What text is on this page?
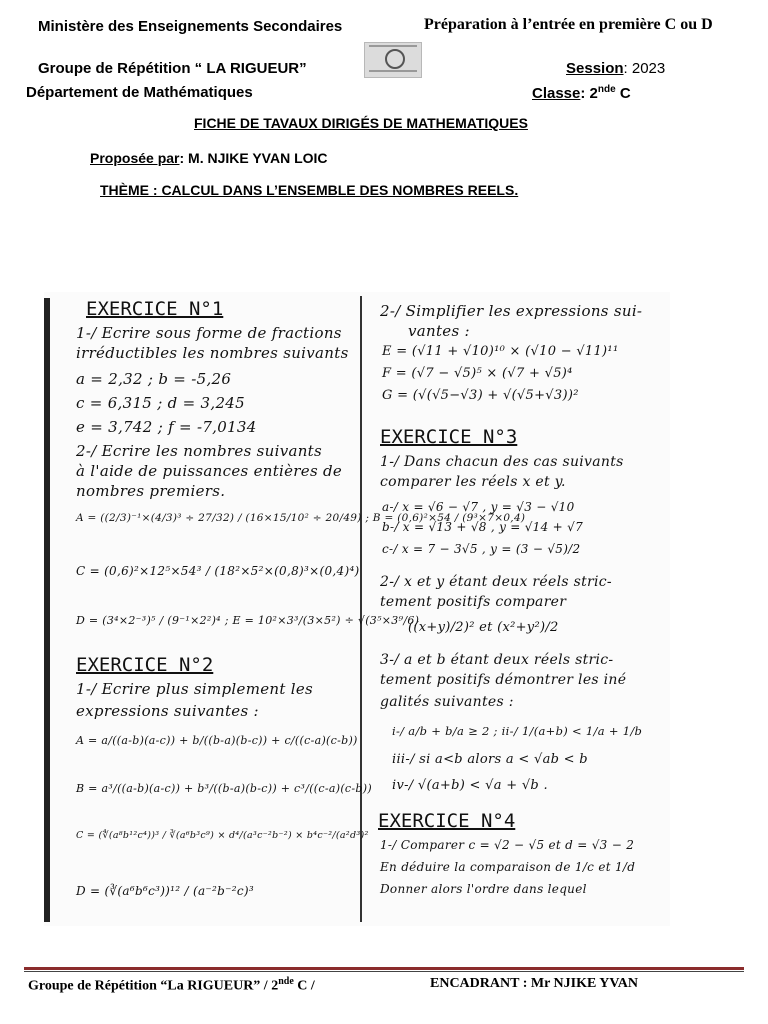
Ministère des Enseignements Secondaires	Préparation à l’entrée en première C ou D
Groupe de Répétition “ LA RIGUEUR”	Session: 2023
Département de Mathématiques	Classe: 2nde C
FICHE DE TAVAUX DIRIGÉS DE MATHEMATIQUES
Proposée par: M. NJIKE YVAN LOIC
THÈME : CALCUL DANS L’ENSEMBLE DES NOMBRES REELS.
EXERCICE N°1
1-/ Ecrire sous forme de fractions
irréductibles les nombres suivants
a = 2,32 ; b = -5,26
c = 6,315 ; d = 3,245
e = 3,742 ; f = -7,0134
2-/ Ecrire les nombres suivants
à l'aide de puissances entières de
nombres premiers.
A = ((2/3)⁻¹×(4/3)³ ÷ 27/32) / (16×15/10² ÷ 20/49) ; B = (0,6)²×54 / (9³×7×0,4)
C = (0,6)²×12⁵×54³ / (18²×5²×(0,8)³×(0,4)⁴)
D = (3⁴×2⁻³)⁵ / (9⁻¹×2²)⁴ ; E = 10²×3³/(3×5²) ÷ √(3⁵×3⁹/6)
EXERCICE N°2
1-/ Ecrire plus simplement les
expressions suivantes :
A = a/((a-b)(a-c)) + b/((b-a)(b-c)) + c/((c-a)(c-b))
B = a³/((a-b)(a-c)) + b³/((b-a)(b-c)) + c³/((c-a)(c-b))
C = (∜(a⁸b¹²c⁴))³ / ∛(a⁶b³c⁹) × d⁴/(a³c⁻²b⁻²) × b⁴c⁻²/(a²d³)²
D = (∛(a⁶b⁶c³))¹² / (a⁻²b⁻²c)³
2-/ Simplifier les expressions sui-
vantes :
E = (√11 + √10)¹⁰ × (√10 − √11)¹¹
F = (√7 − √5)⁵ × (√7 + √5)⁴
G = (√(√5−√3) + √(√5+√3))²
EXERCICE N°3
1-/ Dans chacun des cas suivants
comparer les réels x et y.
a-/ x = √6 − √7 , y = √3 − √10
b-/ x = √13 + √8 , y = √14 + √7
c-/ x = 7 − 3√5 , y = (3 − √5)/2
2-/ x et y étant deux réels stric-
tement positifs comparer
((x+y)/2)² et (x²+y²)/2
3-/ a et b étant deux réels stric-
tement positifs démontrer les iné
galités suivantes :
i-/ a/b + b/a ≥ 2 ; ii-/ 1/(a+b) < 1/a + 1/b
iii-/ si a<b alors a < √ab < b
iv-/ √(a+b) < √a + √b .
EXERCICE N°4
1-/ Comparer c = √2 − √5 et d = √3 − 2
En déduire la comparaison de 1/c et 1/d
Donner alors l'ordre dans lequel
Groupe de Répétition “La RIGUEUR” / 2nde C /	ENCADRANT : Mr NJIKE YVAN
